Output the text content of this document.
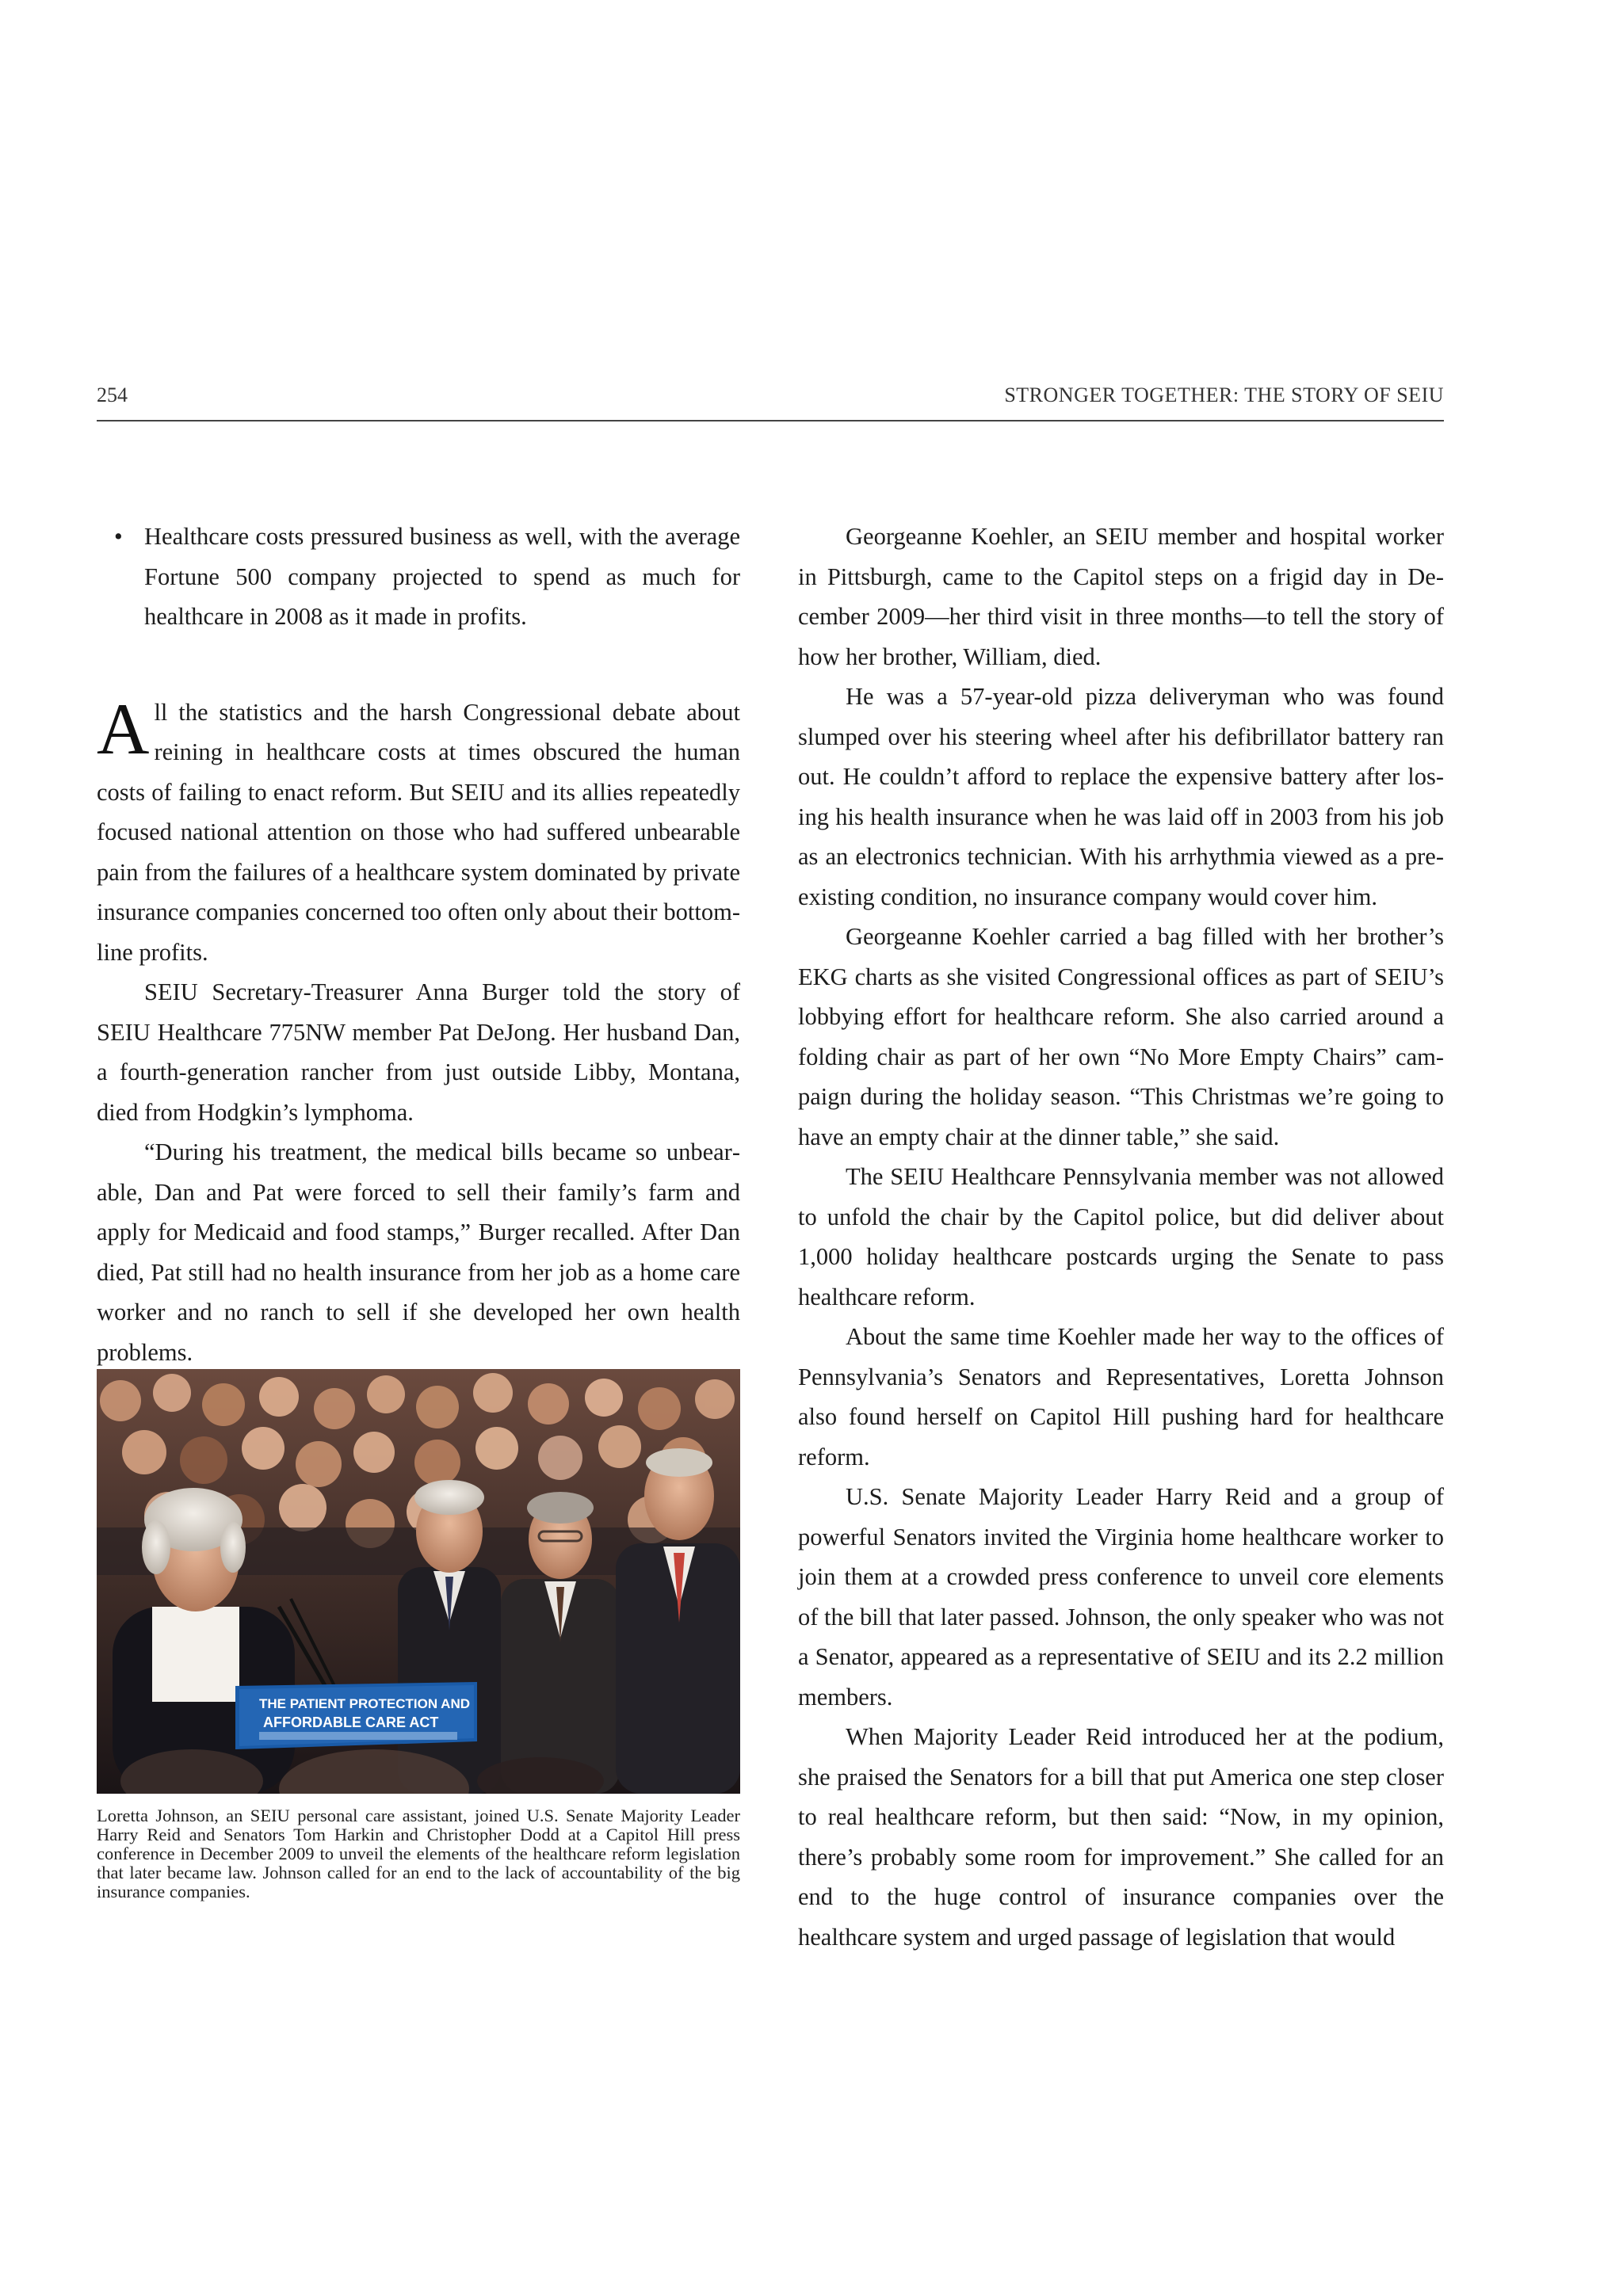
254	STRONGER TOGETHER: THE STORY OF SEIU
• Healthcare costs pressured business as well, with the average Fortune 500 company projected to spend as much for healthcare in 2008 as it made in profits.

All the statistics and the harsh Congressional debate about reining in healthcare costs at times obscured the human costs of failing to enact reform. But SEIU and its allies repeatedly focused national attention on those who had suffered unbearable pain from the failures of a healthcare system dominated by private insurance companies concerned too often only about their bottom-line profits.

SEIU Secretary-Treasurer Anna Burger told the story of SEIU Healthcare 775NW member Pat DeJong. Her husband Dan, a fourth-generation rancher from just outside Libby, Montana, died from Hodgkin’s lymphoma.

“During his treatment, the medical bills became so unbearable, Dan and Pat were forced to sell their family’s farm and apply for Medicaid and food stamps,” Burger recalled. After Dan died, Pat still had no health insurance from her job as a home care worker and no ranch to sell if she developed her own health problems.

THE PATIENT PROTECTION AND
AFFORDABLE CARE ACT
Loretta Johnson, an SEIU personal care assistant, joined U.S. Senate Majority Leader Harry Reid and Senators Tom Harkin and Christopher Dodd at a Capitol Hill press conference in December 2009 to unveil the elements of the healthcare reform legislation that later became law. Johnson called for an end to the lack of accountability of the big insurance companies.

Georgeanne Koehler, an SEIU member and hospital worker in Pittsburgh, came to the Capitol steps on a frigid day in December 2009—her third visit in three months—to tell the story of how her brother, William, died.

He was a 57-year-old pizza deliveryman who was found slumped over his steering wheel after his defibrillator battery ran out. He couldn’t afford to replace the expensive battery after losing his health insurance when he was laid off in 2003 from his job as an electronics technician. With his arrhythmia viewed as a pre-existing condition, no insurance company would cover him.

Georgeanne Koehler carried a bag filled with her brother’s EKG charts as she visited Congressional offices as part of SEIU’s lobbying effort for healthcare reform. She also carried around a folding chair as part of her own “No More Empty Chairs” campaign during the holiday season. “This Christmas we’re going to have an empty chair at the dinner table,” she said.

The SEIU Healthcare Pennsylvania member was not allowed to unfold the chair by the Capitol police, but did deliver about 1,000 holiday healthcare postcards urging the Senate to pass healthcare reform.

About the same time Koehler made her way to the offices of Pennsylvania’s Senators and Representatives, Loretta Johnson also found herself on Capitol Hill pushing hard for healthcare reform.

U.S. Senate Majority Leader Harry Reid and a group of powerful Senators invited the Virginia home healthcare worker to join them at a crowded press conference to unveil core elements of the bill that later passed. Johnson, the only speaker who was not a Senator, appeared as a representative of SEIU and its 2.2 million members.

When Majority Leader Reid introduced her at the podium, she praised the Senators for a bill that put America one step closer to real healthcare reform, but then said: “Now, in my opinion, there’s probably some room for improvement.” She called for an end to the huge control of insurance companies over the healthcare system and urged passage of legislation that would
